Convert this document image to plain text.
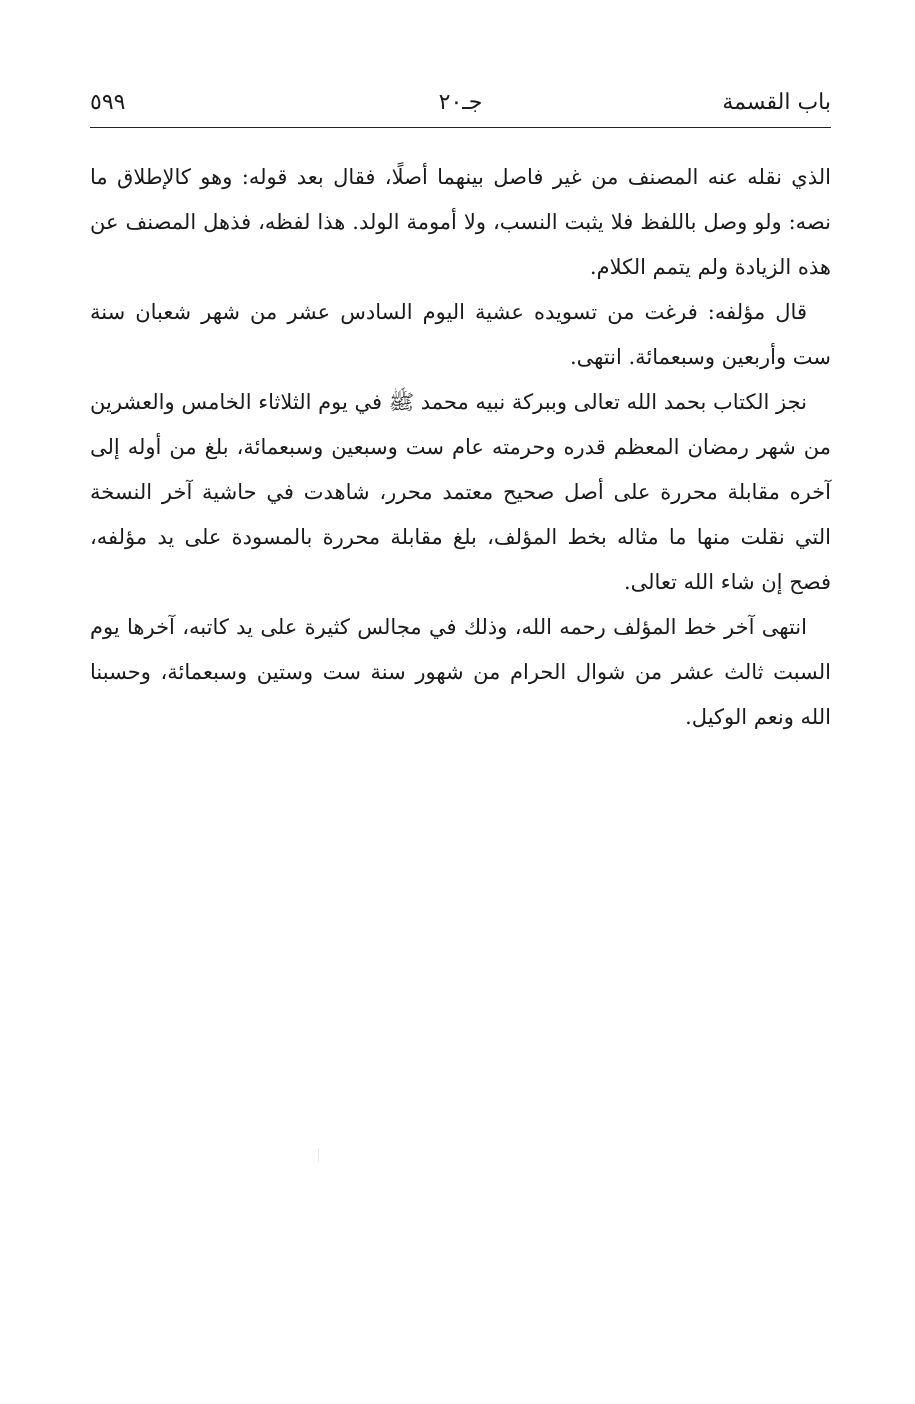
باب القسمة
جـ٢٠
٥٩٩

الذي نقله عنه المصنف من غير فاصل بينهما أصلًا، فقال بعد قوله: وهو كالإطلاق ما نصه: ولو وصل باللفظ فلا يثبت النسب، ولا أمومة الولد. هذا لفظه، فذهل المصنف عن هذه الزيادة ولم يتمم الكلام.

قال مؤلفه: فرغت من تسويده عشية اليوم السادس عشر من شهر شعبان سنة ست وأربعين وسبعمائة. انتهى.

نجز الكتاب بحمد الله تعالى وببركة نبيه محمد ﷺ في يوم الثلاثاء الخامس والعشرين من شهر رمضان المعظم قدره وحرمته عام ست وسبعين وسبعمائة، بلغ من أوله إلى آخره مقابلة محررة على أصل صحيح معتمد محرر، شاهدت في حاشية آخر النسخة التي نقلت منها ما مثاله بخط المؤلف، بلغ مقابلة محررة بالمسودة على يد مؤلفه، فصح إن شاء الله تعالى.

انتهى آخر خط المؤلف رحمه الله، وذلك في مجالس كثيرة على يد كاتبه، آخرها يوم السبت ثالث عشر من شوال الحرام من شهور سنة ست وستين وسبعمائة، وحسبنا الله ونعم الوكيل.
